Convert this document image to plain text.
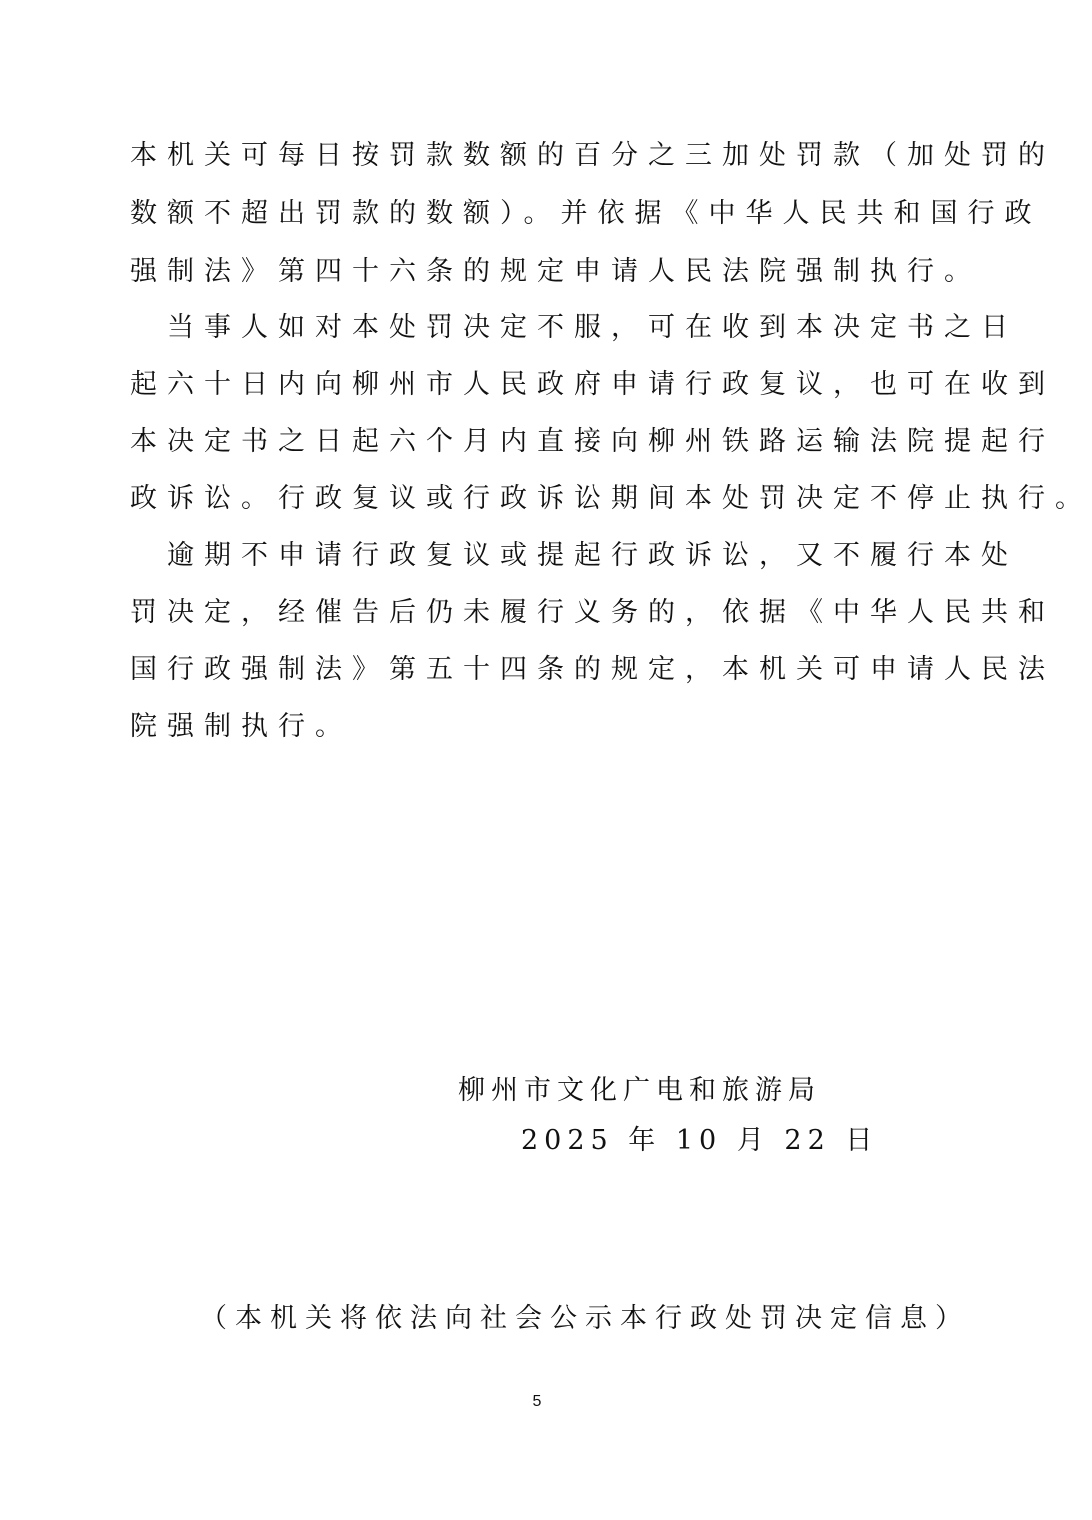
本机关可每日按罚款数额的百分之三加处罚款（加处罚的
数额不超出罚款的数额）。并依据《中华人民共和国行政
强制法》第四十六条的规定申请人民法院强制执行。
　当事人如对本处罚决定不服，可在收到本决定书之日
起六十日内向柳州市人民政府申请行政复议，也可在收到
本决定书之日起六个月内直接向柳州铁路运输法院提起行
政诉讼。行政复议或行政诉讼期间本处罚决定不停止执行。
　逾期不申请行政复议或提起行政诉讼，又不履行本处
罚决定，经催告后仍未履行义务的，依据《中华人民共和
国行政强制法》第五十四条的规定，本机关可申请人民法
院强制执行。
柳州市文化广电和旅游局
2025 年 10 月 22 日
（本机关将依法向社会公示本行政处罚决定信息）
5
